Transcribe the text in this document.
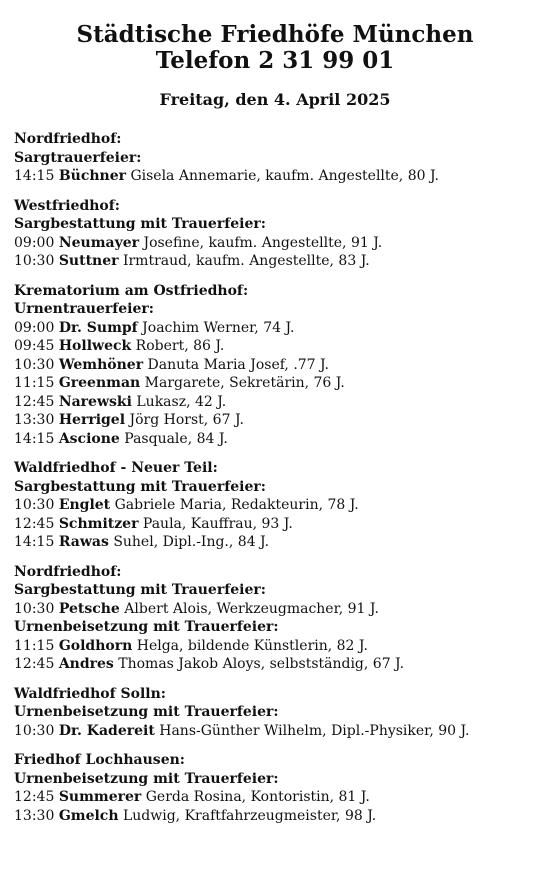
Städtische Friedhöfe München
Telefon 2 31 99 01
Freitag, den 4. April 2025
Nordfriedhof:
Sargtrauerfeier:
14:15 Büchner Gisela Annemarie, kaufm. Angestellte, 80 J.
Westfriedhof:
Sargbestattung mit Trauerfeier:
09:00 Neumayer Josefine, kaufm. Angestellte, 91 J.
10:30 Suttner Irmtraud, kaufm. Angestellte, 83 J.
Krematorium am Ostfriedhof:
Urnentrauerfeier:
09:00 Dr. Sumpf Joachim Werner, 74 J.
09:45 Hollweck Robert, 86 J.
10:30 Wemhöner Danuta Maria Josef, .77 J.
11:15 Greenman Margarete, Sekretärin, 76 J.
12:45 Narewski Lukasz, 42 J.
13:30 Herrigel Jörg Horst, 67 J.
14:15 Ascione Pasquale, 84 J.
Waldfriedhof - Neuer Teil:
Sargbestattung mit Trauerfeier:
10:30 Englet Gabriele Maria, Redakteurin, 78 J.
12:45 Schmitzer Paula, Kauffrau, 93 J.
14:15 Rawas Suhel, Dipl.-Ing., 84 J.
Nordfriedhof:
Sargbestattung mit Trauerfeier:
10:30 Petsche Albert Alois, Werkzeugmacher, 91 J.
Urnenbeisetzung mit Trauerfeier:
11:15 Goldhorn Helga, bildende Künstlerin, 82 J.
12:45 Andres Thomas Jakob Aloys, selbstständig, 67 J.
Waldfriedhof Solln:
Urnenbeisetzung mit Trauerfeier:
10:30 Dr. Kadereit Hans-Günther Wilhelm, Dipl.-Physiker, 90 J.
Friedhof Lochhausen:
Urnenbeisetzung mit Trauerfeier:
12:45 Summerer Gerda Rosina, Kontoristin, 81 J.
13:30 Gmelch Ludwig, Kraftfahrzeugmeister, 98 J.
